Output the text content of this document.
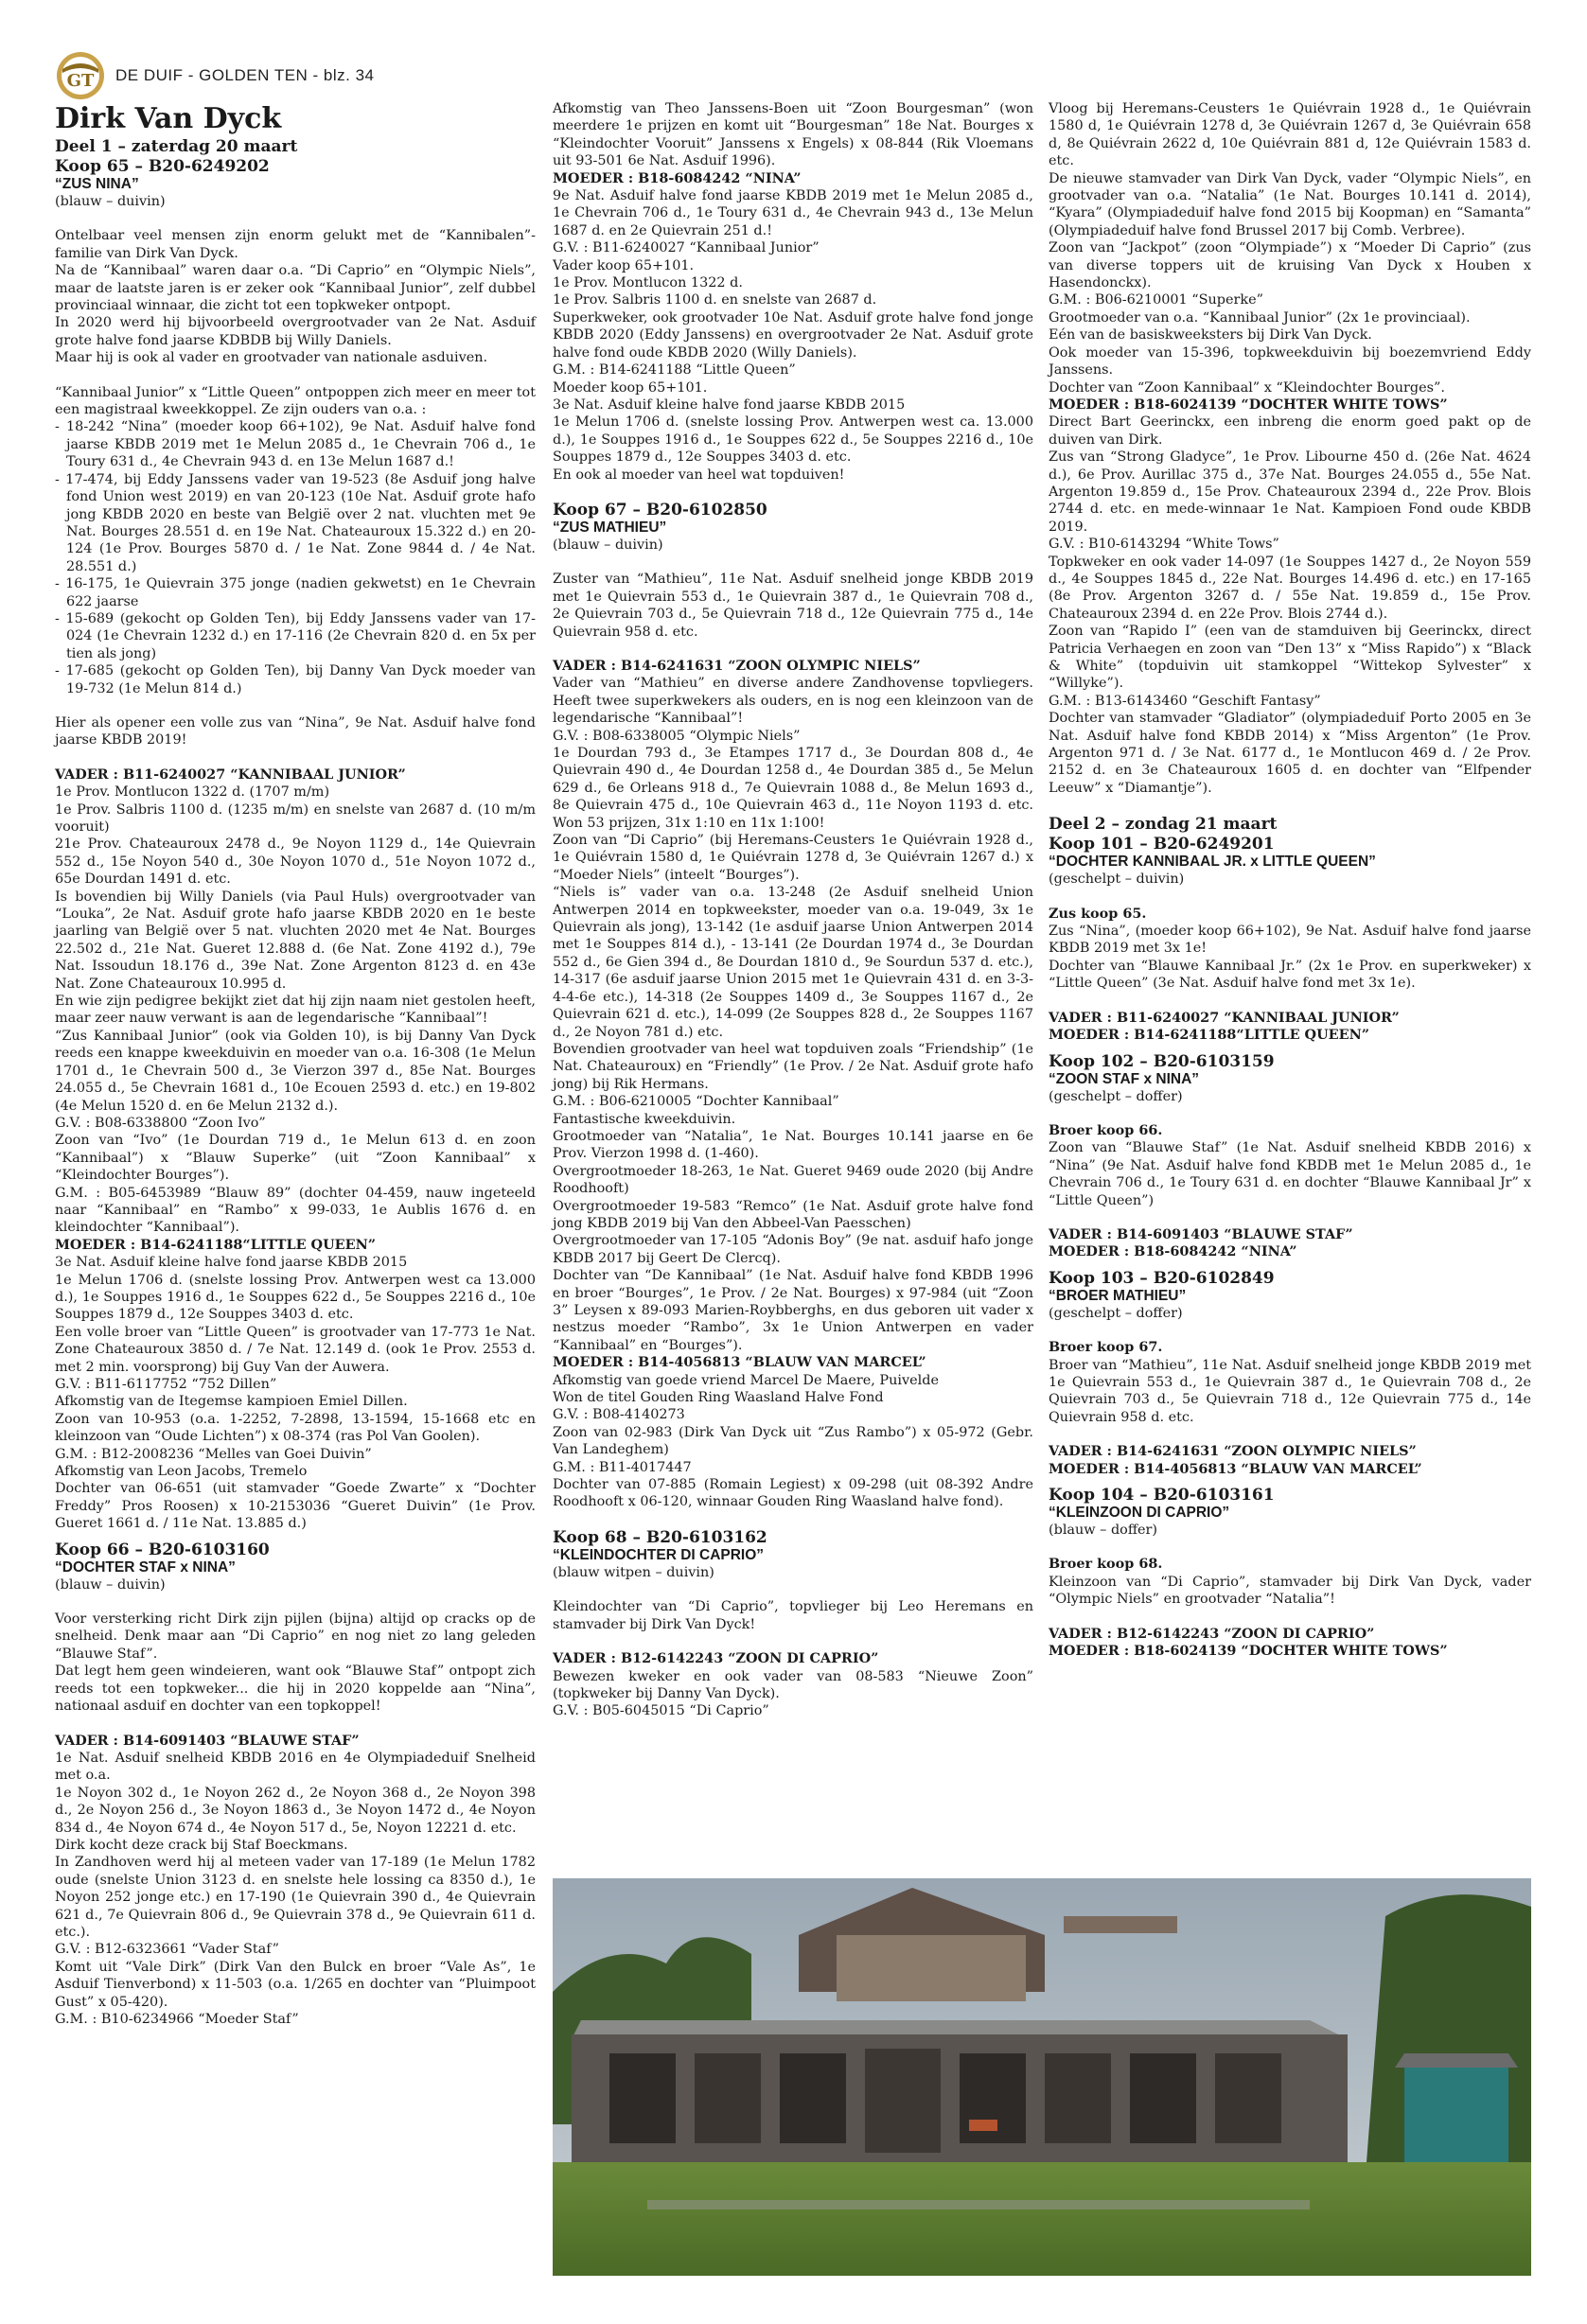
GT DE DUIF - GOLDEN TEN - blz. 34

Dirk Van Dyck

Deel 1 – zaterdag 20 maart

Koop 65 – B20-6249202

“ZUS NINA”

(blauw – duivin)

Ontelbaar veel mensen zijn enorm gelukt met de “Kannibalen”-familie van Dirk Van Dyck.

Na de “Kannibaal” waren daar o.a. “Di Caprio” en “Olympic Niels”, maar de laatste jaren is er zeker ook “Kannibaal Junior”, zelf dubbel provinciaal winnaar, die zicht tot een topkweker ontpopt.

In 2020 werd hij bijvoorbeeld overgrootvader van 2e Nat. Asduif grote halve fond jaarse KDBDB bij Willy Daniels.

Maar hij is ook al vader en grootvader van nationale asduiven.

“Kannibaal Junior” x “Little Queen” ontpoppen zich meer en meer tot een magistraal kweekkoppel. Ze zijn ouders van o.a. :

- 18-242 “Nina” (moeder koop 66+102), 9e Nat. Asduif halve fond jaarse KBDB 2019 met 1e Melun 2085 d., 1e Chevrain 706 d., 1e Toury 631 d., 4e Chevrain 943 d. en 13e Melun 1687 d.!

- 17-474, bij Eddy Janssens vader van 19-523 (8e Asduif jong halve fond Union west 2019) en van 20-123 (10e Nat. Asduif grote hafo jong KBDB 2020 en beste van België over 2 nat. vluchten met 9e Nat. Bourges 28.551 d. en 19e Nat. Chateauroux 15.322 d.) en 20-124 (1e Prov. Bourges 5870 d. / 1e Nat. Zone 9844 d. / 4e Nat. 28.551 d.)

- 16-175, 1e Quievrain 375 jonge (nadien gekwetst) en 1e Chevrain 622 jaarse

- 15-689 (gekocht op Golden Ten), bij Eddy Janssens vader van 17-024 (1e Chevrain 1232 d.) en 17-116 (2e Chevrain 820 d. en 5x per tien als jong)

- 17-685 (gekocht op Golden Ten), bij Danny Van Dyck moeder van 19-732 (1e Melun 814 d.)

Hier als opener een volle zus van “Nina”, 9e Nat. Asduif halve fond jaarse KBDB 2019!

VADER : B11-6240027 “KANNIBAAL JUNIOR”

1e Prov. Montlucon 1322 d. (1707 m/m)

1e Prov. Salbris 1100 d. (1235 m/m) en snelste van 2687 d. (10 m/m vooruit)

21e Prov. Chateauroux 2478 d., 9e Noyon 1129 d., 14e Quievrain 552 d., 15e Noyon 540 d., 30e Noyon 1070 d., 51e Noyon 1072 d., 65e Dourdan 1491 d. etc.

Is bovendien bij Willy Daniels (via Paul Huls) overgrootvader van “Louka”, 2e Nat. Asduif grote hafo jaarse KBDB 2020 en 1e beste jaarling van België over 5 nat. vluchten 2020 met 4e Nat. Bourges 22.502 d., 21e Nat. Gueret 12.888 d. (6e Nat. Zone 4192 d.), 79e Nat. Issoudun 18.176 d., 39e Nat. Zone Argenton 8123 d. en 43e Nat. Zone Chateauroux 10.995 d.

En wie zijn pedigree bekijkt ziet dat hij zijn naam niet gestolen heeft, maar zeer nauw verwant is aan de legendarische “Kannibaal”!

“Zus Kannibaal Junior” (ook via Golden 10), is bij Danny Van Dyck reeds een knappe kweekduivin en moeder van o.a. 16-308 (1e Melun 1701 d., 1e Chevrain 500 d., 3e Vierzon 397 d., 85e Nat. Bourges 24.055 d., 5e Chevrain 1681 d., 10e Ecouen 2593 d. etc.) en 19-802 (4e Melun 1520 d. en 6e Melun 2132 d.).

G.V. : B08-6338800 “Zoon Ivo”

Zoon van “Ivo” (1e Dourdan 719 d., 1e Melun 613 d. en zoon “Kannibaal”) x “Blauw Superke” (uit “Zoon Kannibaal” x “Kleindochter Bourges”).

G.M. : B05-6453989 “Blauw 89” (dochter 04-459, nauw ingeteeld naar “Kannibaal” en “Rambo” x 99-033, 1e Aublis 1676 d. en kleindochter “Kannibaal”).

MOEDER : B14-6241188“LITTLE QUEEN”

3e Nat. Asduif kleine halve fond jaarse KBDB 2015

1e Melun 1706 d. (snelste lossing Prov. Antwerpen west ca 13.000 d.), 1e Souppes 1916 d., 1e Souppes 622 d., 5e Souppes 2216 d., 10e Souppes 1879 d., 12e Souppes 3403 d. etc.

Een volle broer van “Little Queen” is grootvader van 17-773 1e Nat. Zone Chateauroux 3850 d. / 7e Nat. 12.149 d. (ook 1e Prov. 2553 d. met 2 min. voorsprong) bij Guy Van der Auwera.

G.V. : B11-6117752 “752 Dillen”

Afkomstig van de Itegemse kampioen Emiel Dillen.

Zoon van 10-953 (o.a. 1-2252, 7-2898, 13-1594, 15-1668 etc en kleinzoon van “Oude Lichten”) x 08-374 (ras Pol Van Goolen).

G.M. : B12-2008236 “Melles van Goei Duivin”

Afkomstig van Leon Jacobs, Tremelo

Dochter van 06-651 (uit stamvader “Goede Zwarte” x “Dochter Freddy” Pros Roosen) x 10-2153036 “Gueret Duivin” (1e Prov. Gueret 1661 d. / 11e Nat. 13.885 d.)

Koop 66 – B20-6103160

“DOCHTER STAF x NINA”

(blauw – duivin)

Voor versterking richt Dirk zijn pijlen (bijna) altijd op cracks op de snelheid. Denk maar aan “Di Caprio” en nog niet zo lang geleden “Blauwe Staf”.

Dat legt hem geen windeieren, want ook “Blauwe Staf” ontpopt zich reeds tot een topkweker... die hij in 2020 koppelde aan “Nina”, nationaal asduif en dochter van een topkoppel!

VADER : B14-6091403 “BLAUWE STAF”

1e Nat. Asduif snelheid KBDB 2016 en 4e Olympiadeduif Snelheid met o.a.

1e Noyon 302 d., 1e Noyon 262 d., 2e Noyon 368 d., 2e Noyon 398 d., 2e Noyon 256 d., 3e Noyon 1863 d., 3e Noyon 1472 d., 4e Noyon 834 d., 4e Noyon 674 d., 4e Noyon 517 d., 5e, Noyon 12221 d. etc.

Dirk kocht deze crack bij Staf Boeckmans.

In Zandhoven werd hij al meteen vader van 17-189 (1e Melun 1782 oude (snelste Union 3123 d. en snelste hele lossing ca 8350 d.), 1e Noyon 252 jonge etc.) en 17-190 (1e Quievrain 390 d., 4e Quievrain 621 d., 7e Quievrain 806 d., 9e Quievrain 378 d., 9e Quievrain 611 d. etc.).

G.V. : B12-6323661 “Vader Staf”

Komt uit “Vale Dirk” (Dirk Van den Bulck en broer “Vale As”, 1e Asduif Tienverbond) x 11-503 (o.a. 1/265 en dochter van “Pluimpoot Gust” x 05-420).

G.M. : B10-6234966 “Moeder Staf”

Afkomstig van Theo Janssens-Boen uit “Zoon Bourgesman” (won meerdere 1e prijzen en komt uit “Bourgesman” 18e Nat. Bourges x “Kleindochter Vooruit” Janssens x Engels) x 08-844 (Rik Vloemans uit 93-501 6e Nat. Asduif 1996).

MOEDER : B18-6084242 “NINA”

9e Nat. Asduif halve fond jaarse KBDB 2019 met 1e Melun 2085 d., 1e Chevrain 706 d., 1e Toury 631 d., 4e Chevrain 943 d., 13e Melun 1687 d. en 2e Quievrain 251 d.!

G.V. : B11-6240027 “Kannibaal Junior”

Vader koop 65+101.

1e Prov. Montlucon 1322 d.

1e Prov. Salbris 1100 d. en snelste van 2687 d.

Superkweker, ook grootvader 10e Nat. Asduif grote halve fond jonge KBDB 2020 (Eddy Janssens) en overgrootvader 2e Nat. Asduif grote halve fond oude KBDB 2020 (Willy Daniels).

G.M. : B14-6241188 “Little Queen”

Moeder koop 65+101.

3e Nat. Asduif kleine halve fond jaarse KBDB 2015

1e Melun 1706 d. (snelste lossing Prov. Antwerpen west ca. 13.000 d.), 1e Souppes 1916 d., 1e Souppes 622 d., 5e Souppes 2216 d., 10e Souppes 1879 d., 12e Souppes 3403 d. etc.

En ook al moeder van heel wat topduiven!

Koop 67 – B20-6102850

“ZUS MATHIEU”

(blauw – duivin)

Zuster van “Mathieu”, 11e Nat. Asduif snelheid jonge KBDB 2019 met 1e Quievrain 553 d., 1e Quievrain 387 d., 1e Quievrain 708 d., 2e Quievrain 703 d., 5e Quievrain 718 d., 12e Quievrain 775 d., 14e Quievrain 958 d. etc.

VADER : B14-6241631 “ZOON OLYMPIC NIELS”

Vader van “Mathieu” en diverse andere Zandhovense topvliegers. Heeft twee superkwekers als ouders, en is nog een kleinzoon van de legendarische “Kannibaal”!

G.V. : B08-6338005 “Olympic Niels”

1e Dourdan 793 d., 3e Etampes 1717 d., 3e Dourdan 808 d., 4e Quievrain 490 d., 4e Dourdan 1258 d., 4e Dourdan 385 d., 5e Melun 629 d., 6e Orleans 918 d., 7e Quievrain 1088 d., 8e Melun 1693 d., 8e Quievrain 475 d., 10e Quievrain 463 d., 11e Noyon 1193 d. etc. Won 53 prijzen, 31x 1:10 en 11x 1:100!

Zoon van “Di Caprio” (bij Heremans-Ceusters 1e Quiévrain 1928 d., 1e Quiévrain 1580 d, 1e Quiévrain 1278 d, 3e Quiévrain 1267 d.) x “Moeder Niels” (inteelt “Bourges”).

“Niels is” vader van o.a. 13-248 (2e Asduif snelheid Union Antwerpen 2014 en topkweekster, moeder van o.a. 19-049, 3x 1e Quievrain als jong), 13-142 (1e asduif jaarse Union Antwerpen 2014 met 1e Souppes 814 d.), - 13-141 (2e Dourdan 1974 d., 3e Dourdan 552 d., 6e Gien 394 d., 8e Dourdan 1810 d., 9e Sourdun 537 d. etc.), 14-317 (6e asduif jaarse Union 2015 met 1e Quievrain 431 d. en 3-3-4-4-6e etc.), 14-318 (2e Souppes 1409 d., 3e Souppes 1167 d., 2e Quievrain 621 d. etc.), 14-099 (2e Souppes 828 d., 2e Souppes 1167 d., 2e Noyon 781 d.) etc.

Bovendien grootvader van heel wat topduiven zoals “Friendship” (1e Nat. Chateauroux) en “Friendly” (1e Prov. / 2e Nat. Asduif grote hafo jong) bij Rik Hermans.

G.M. : B06-6210005 “Dochter Kannibaal”

Fantastische kweekduivin.

Grootmoeder van “Natalia”, 1e Nat. Bourges 10.141 jaarse en 6e Prov. Vierzon 1998 d. (1-460).

Overgrootmoeder 18-263, 1e Nat. Gueret 9469 oude 2020 (bij Andre Roodhooft)

Overgrootmoeder 19-583 “Remco” (1e Nat. Asduif grote halve fond jong KBDB 2019 bij Van den Abbeel-Van Paesschen)

Overgrootmoeder van 17-105 “Adonis Boy” (9e nat. asduif hafo jonge KBDB 2017 bij Geert De Clercq).

Dochter van “De Kannibaal” (1e Nat. Asduif halve fond KBDB 1996 en broer “Bourges”, 1e Prov. / 2e Nat. Bourges) x 97-984 (uit “Zoon 3” Leysen x 89-093 Marien-Roybberghs, en dus geboren uit vader x nestzus moeder “Rambo”, 3x 1e Union Antwerpen en vader “Kannibaal” en “Bourges”).

MOEDER : B14-4056813 “BLAUW VAN MARCEL”

Afkomstig van goede vriend Marcel De Maere, Puivelde

Won de titel Gouden Ring Waasland Halve Fond

G.V. : B08-4140273

Zoon van 02-983 (Dirk Van Dyck uit “Zus Rambo”) x 05-972 (Gebr. Van Landeghem)

G.M. : B11-4017447

Dochter van 07-885 (Romain Legiest) x 09-298 (uit 08-392 Andre Roodhooft x 06-120, winnaar Gouden Ring Waasland halve fond).

Koop 68 – B20-6103162

“KLEINDOCHTER DI CAPRIO”

(blauw witpen – duivin)

Kleindochter van “Di Caprio”, topvlieger bij Leo Heremans en stamvader bij Dirk Van Dyck!

VADER : B12-6142243 “ZOON DI CAPRIO”

Bewezen kweker en ook vader van 08-583 “Nieuwe Zoon” (topkweker bij Danny Van Dyck).

G.V. : B05-6045015 “Di Caprio”

Vloog bij Heremans-Ceusters 1e Quiévrain 1928 d., 1e Quiévrain 1580 d, 1e Quiévrain 1278 d, 3e Quiévrain 1267 d, 3e Quiévrain 658 d, 8e Quiévrain 2622 d, 10e Quiévrain 881 d, 12e Quiévrain 1583 d. etc.

De nieuwe stamvader van Dirk Van Dyck, vader “Olympic Niels”, en grootvader van o.a. “Natalia” (1e Nat. Bourges 10.141 d. 2014), “Kyara” (Olympiadeduif halve fond 2015 bij Koopman) en “Samanta” (Olympiadeduif halve fond Brussel 2017 bij Comb. Verbree).

Zoon van “Jackpot” (zoon “Olympiade”) x “Moeder Di Caprio” (zus van diverse toppers uit de kruising Van Dyck x Houben x Hasendonckx).

G.M. : B06-6210001 “Superke”

Grootmoeder van o.a. “Kannibaal Junior” (2x 1e provinciaal).

Eén van de basiskweeksters bij Dirk Van Dyck.

Ook moeder van 15-396, topkweekduivin bij boezemvriend Eddy Janssens.

Dochter van “Zoon Kannibaal” x “Kleindochter Bourges”.

MOEDER : B18-6024139 “DOCHTER WHITE TOWS”

Direct Bart Geerinckx, een inbreng die enorm goed pakt op de duiven van Dirk.

Zus van “Strong Gladyce”, 1e Prov. Libourne 450 d. (26e Nat. 4624 d.), 6e Prov. Aurillac 375 d., 37e Nat. Bourges 24.055 d., 55e Nat. Argenton 19.859 d., 15e Prov. Chateauroux 2394 d., 22e Prov. Blois 2744 d. etc. en mede-winnaar 1e Nat. Kampioen Fond oude KBDB 2019.

G.V. : B10-6143294 “White Tows”

Topkweker en ook vader 14-097 (1e Souppes 1427 d., 2e Noyon 559 d., 4e Souppes 1845 d., 22e Nat. Bourges 14.496 d. etc.) en 17-165 (8e Prov. Argenton 3267 d. / 55e Nat. 19.859 d., 15e Prov. Chateauroux 2394 d. en 22e Prov. Blois 2744 d.).

Zoon van “Rapido I” (een van de stamduiven bij Geerinckx, direct Patricia Verhaegen en zoon van “Den 13” x “Miss Rapido”) x “Black & White” (topduivin uit stamkoppel “Wittekop Sylvester” x “Willyke”).

G.M. : B13-6143460 “Geschift Fantasy”

Dochter van stamvader “Gladiator” (olympiadeduif Porto 2005 en 3e Nat. Asduif halve fond KBDB 2014) x “Miss Argenton” (1e Prov. Argenton 971 d. / 3e Nat. 6177 d., 1e Montlucon 469 d. / 2e Prov. 2152 d. en 3e Chateauroux 1605 d. en dochter van “Elfpender Leeuw” x “Diamantje”).

Deel 2 – zondag 21 maart

Koop 101 – B20-6249201

“DOCHTER KANNIBAAL JR. x LITTLE QUEEN”

(geschelpt – duivin)

Zus koop 65.

Zus “Nina”, (moeder koop 66+102), 9e Nat. Asduif halve fond jaarse KBDB 2019 met 3x 1e!

Dochter van “Blauwe Kannibaal Jr.” (2x 1e Prov. en superkweker) x “Little Queen” (3e Nat. Asduif halve fond met 3x 1e).

VADER : B11-6240027 “KANNIBAAL JUNIOR”

MOEDER : B14-6241188“LITTLE QUEEN”

Koop 102 – B20-6103159

“ZOON STAF x NINA”

(geschelpt – doffer)

Broer koop 66.

Zoon van “Blauwe Staf” (1e Nat. Asduif snelheid KBDB 2016) x “Nina” (9e Nat. Asduif halve fond KBDB met 1e Melun 2085 d., 1e Chevrain 706 d., 1e Toury 631 d. en dochter “Blauwe Kannibaal Jr” x “Little Queen”)

VADER : B14-6091403 “BLAUWE STAF”

MOEDER : B18-6084242 “NINA”

Koop 103 – B20-6102849

“BROER MATHIEU”

(geschelpt – doffer)

Broer koop 67.

Broer van “Mathieu”, 11e Nat. Asduif snelheid jonge KBDB 2019 met 1e Quievrain 553 d., 1e Quievrain 387 d., 1e Quievrain 708 d., 2e Quievrain 703 d., 5e Quievrain 718 d., 12e Quievrain 775 d., 14e Quievrain 958 d. etc.

VADER : B14-6241631 “ZOON OLYMPIC NIELS”

MOEDER : B14-4056813 “BLAUW VAN MARCEL”

Koop 104 – B20-6103161

“KLEINZOON DI CAPRIO”

(blauw – doffer)

Broer koop 68.

Kleinzoon van “Di Caprio”, stamvader bij Dirk Van Dyck, vader “Olympic Niels” en grootvader “Natalia”!

VADER : B12-6142243 “ZOON DI CAPRIO”

MOEDER : B18-6024139 “DOCHTER WHITE TOWS”
